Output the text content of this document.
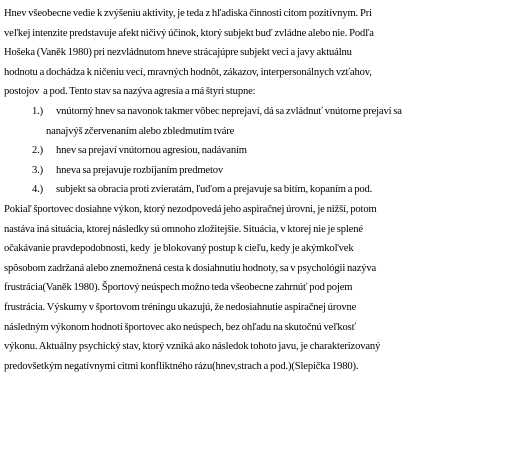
Hnev všeobecne vedie k zvýšeniu aktivity, je teda z hľadiska činnosti citom pozitívnym. Pri
veľkej intenzite predstavuje afekt ničivý účinok, ktorý subjekt buď zvládne alebo nie. Podľa
Hošeka (Vaněk 1980) pri nezvládnutom hneve strácajúpre subjekt veci a javy aktuálnu
hodnotu a dochádza k ničeniu vecí, mravných hodnôt, zákazov, interpersonálnych vzťahov,
postojov  a pod. Tento stav sa nazýva agresia a má štyri stupne:
1.) vnútorný hnev sa navonok takmer vôbec neprejaví, dá sa zvládnuť vnútorne prejaví sa
nanajvýš zčervenaním alebo zbledmutím tváre
2.) hnev sa prejaví vnútornou agresiou, nadávaním
3.) hneva sa prejavuje rozbíjaním predmetov
4.) subjekt sa obracia proti zvieratám, ľuďom a prejavuje sa bitím, kopaním a pod.
Pokiaľ športovec dosiahne výkon, ktorý nezodpovedá jeho aspiračnej úrovni, je nižší, potom
nastáva iná situácia, ktorej následky sú omnoho zložitejšie. Situácia, v ktorej nie je splené
očakávanie pravdepodobnosti, kedy  je blokovaný postup k cieľu, kedy je akýmkoľvek
spôsobom zadržaná alebo znemožnená cesta k dosiahnutiu hodnoty, sa v psychológii nazýva
frustrácia(Vaněk 1980). Športový neúspech možno teda všeobecne zahrnúť pod pojem
frustrácia. Výskumy v športovom tréningu ukazujú, že nedosiahnutie aspiračnej úrovne
následným výkonom hodnotí športovec ako neúspech, bez ohľadu na skutočnú veľkosť
výkonu. Aktuálny psychický stav, ktorý vzniká ako následok tohoto javu, je charakterizovaný
predovšetkým negatívnymi citmi konfliktného rázu(hnev,strach a pod.)(Slepička 1980).
